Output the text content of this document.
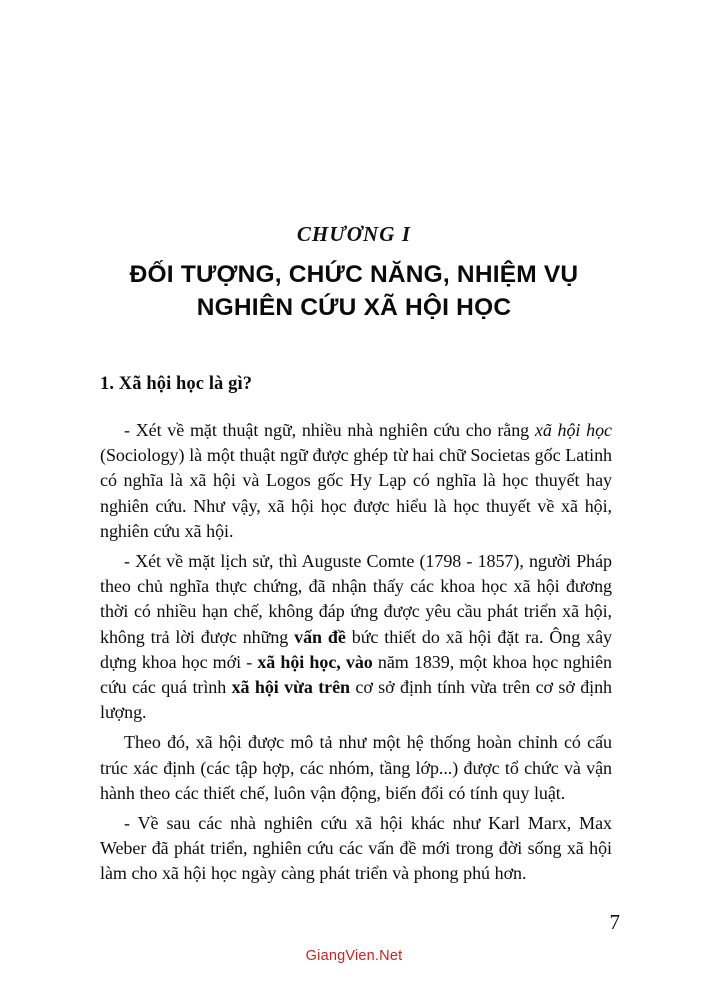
CHƯƠNG I
ĐỐI TƯỢNG, CHỨC NĂNG, NHIỆM VỤ
NGHIÊN CỨU XÃ HỘI HỌC
1. Xã hội học là gì?

- Xét về mặt thuật ngữ, nhiều nhà nghiên cứu cho rằng xã hội học (Sociology) là một thuật ngữ được ghép từ hai chữ Societas gốc Latinh có nghĩa là xã hội và Logos gốc Hy Lạp có nghĩa là học thuyết hay nghiên cứu. Như vậy, xã hội học được hiểu là học thuyết về xã hội, nghiên cứu xã hội.

- Xét về mặt lịch sử, thì Auguste Comte (1798 - 1857), người Pháp theo chủ nghĩa thực chứng, đã nhận thấy các khoa học xã hội đương thời có nhiều hạn chế, không đáp ứng được yêu cầu phát triển xã hội, không trả lời được những vấn đề bức thiết do xã hội đặt ra. Ông xây dựng khoa học mới - xã hội học, vào năm 1839, một khoa học nghiên cứu các quá trình xã hội vừa trên cơ sở định tính vừa trên cơ sở định lượng.

Theo đó, xã hội được mô tả như một hệ thống hoàn chỉnh có cấu trúc xác định (các tập hợp, các nhóm, tầng lớp...) được tổ chức và vận hành theo các thiết chế, luôn vận động, biến đổi có tính quy luật.

- Về sau các nhà nghiên cứu xã hội khác như Karl Marx, Max Weber đã phát triển, nghiên cứu các vấn đề mới trong đời sống xã hội làm cho xã hội học ngày càng phát triển và phong phú hơn.

7
GiangVien.Net
